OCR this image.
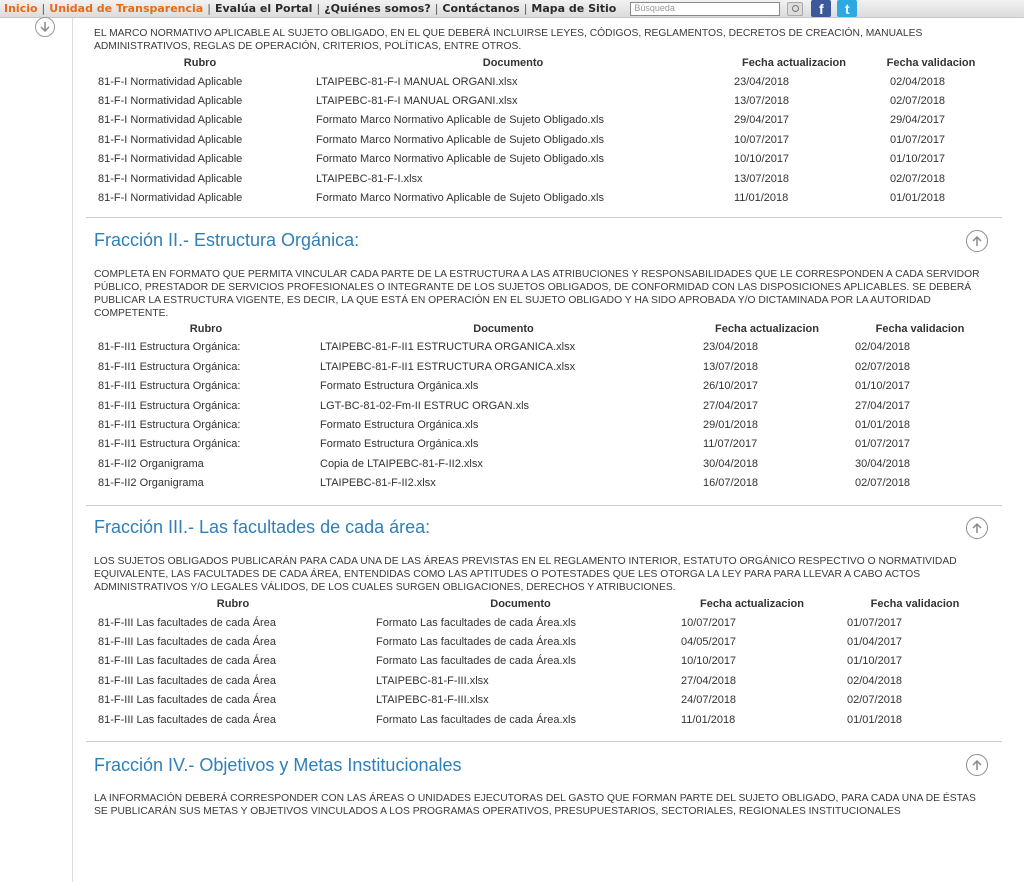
Inicio | Unidad de Transparencia | Evalúa el Portal | ¿Quiénes somos? | Contáctanos | Mapa de Sitio	Búsqueda	f	t

EL MARCO NORMATIVO APLICABLE AL SUJETO OBLIGADO, EN EL QUE DEBERÁ INCLUIRSE LEYES, CÓDIGOS, REGLAMENTOS, DECRETOS DE CREACIÓN, MANUALES ADMINISTRATIVOS, REGLAS DE OPERACIÓN, CRITERIOS, POLÍTICAS, ENTRE OTROS.

Rubro	Documento	Fecha actualizacion	Fecha validacion
81-F-I Normatividad Aplicable	LTAIPEBC-81-F-I MANUAL ORGANI.xlsx	23/04/2018	02/04/2018
81-F-I Normatividad Aplicable	LTAIPEBC-81-F-I MANUAL ORGANI.xlsx	13/07/2018	02/07/2018
81-F-I Normatividad Aplicable	Formato Marco Normativo Aplicable de Sujeto Obligado.xls	29/04/2017	29/04/2017
81-F-I Normatividad Aplicable	Formato Marco Normativo Aplicable de Sujeto Obligado.xls	10/07/2017	01/07/2017
81-F-I Normatividad Aplicable	Formato Marco Normativo Aplicable de Sujeto Obligado.xls	10/10/2017	01/10/2017
81-F-I Normatividad Aplicable	LTAIPEBC-81-F-I.xlsx	13/07/2018	02/07/2018
81-F-I Normatividad Aplicable	Formato Marco Normativo Aplicable de Sujeto Obligado.xls	11/01/2018	01/01/2018
Fracción II.- Estructura Orgánica:

COMPLETA EN FORMATO QUE PERMITA VINCULAR CADA PARTE DE LA ESTRUCTURA A LAS ATRIBUCIONES Y RESPONSABILIDADES QUE LE CORRESPONDEN A CADA SERVIDOR PÚBLICO, PRESTADOR DE SERVICIOS PROFESIONALES O INTEGRANTE DE LOS SUJETOS OBLIGADOS, DE CONFORMIDAD CON LAS DISPOSICIONES APLICABLES. SE DEBERÁ PUBLICAR LA ESTRUCTURA VIGENTE, ES DECIR, LA QUE ESTÁ EN OPERACIÓN EN EL SUJETO OBLIGADO Y HA SIDO APROBADA Y/O DICTAMINADA POR LA AUTORIDAD COMPETENTE.

Rubro	Documento	Fecha actualizacion	Fecha validacion
81-F-II1 Estructura Orgánica:	LTAIPEBC-81-F-II1 ESTRUCTURA ORGANICA.xlsx	23/04/2018	02/04/2018
81-F-II1 Estructura Orgánica:	LTAIPEBC-81-F-II1 ESTRUCTURA ORGANICA.xlsx	13/07/2018	02/07/2018
81-F-II1 Estructura Orgánica:	Formato Estructura Orgánica.xls	26/10/2017	01/10/2017
81-F-II1 Estructura Orgánica:	LGT-BC-81-02-Fm-II ESTRUC ORGAN.xls	27/04/2017	27/04/2017
81-F-II1 Estructura Orgánica:	Formato Estructura Orgánica.xls	29/01/2018	01/01/2018
81-F-II1 Estructura Orgánica:	Formato Estructura Orgánica.xls	11/07/2017	01/07/2017
81-F-II2 Organigrama	Copia de LTAIPEBC-81-F-II2.xlsx	30/04/2018	30/04/2018
81-F-II2 Organigrama	LTAIPEBC-81-F-II2.xlsx	16/07/2018	02/07/2018
Fracción III.- Las facultades de cada área:

LOS SUJETOS OBLIGADOS PUBLICARÁN PARA CADA UNA DE LAS ÁREAS PREVISTAS EN EL REGLAMENTO INTERIOR, ESTATUTO ORGÁNICO RESPECTIVO O NORMATIVIDAD EQUIVALENTE, LAS FACULTADES DE CADA ÁREA, ENTENDIDAS COMO LAS APTITUDES O POTESTADES QUE LES OTORGA LA LEY PARA PARA LLEVAR A CABO ACTOS ADMINISTRATIVOS Y/O LEGALES VÁLIDOS, DE LOS CUALES SURGEN OBLIGACIONES, DERECHOS Y ATRIBUCIONES.

Rubro	Documento	Fecha actualizacion	Fecha validacion
81-F-III Las facultades de cada Área	Formato Las facultades de cada Área.xls	10/07/2017	01/07/2017
81-F-III Las facultades de cada Área	Formato Las facultades de cada Área.xls	04/05/2017	01/04/2017
81-F-III Las facultades de cada Área	Formato Las facultades de cada Área.xls	10/10/2017	01/10/2017
81-F-III Las facultades de cada Área	LTAIPEBC-81-F-III.xlsx	27/04/2018	02/04/2018
81-F-III Las facultades de cada Área	LTAIPEBC-81-F-III.xlsx	24/07/2018	02/07/2018
81-F-III Las facultades de cada Área	Formato Las facultades de cada Área.xls	11/01/2018	01/01/2018
Fracción IV.- Objetivos y Metas Institucionales

LA INFORMACIÓN DEBERÁ CORRESPONDER CON LAS ÁREAS O UNIDADES EJECUTORAS DEL GASTO QUE FORMAN PARTE DEL SUJETO OBLIGADO, PARA CADA UNA DE ÉSTAS SE PUBLICARÁN SUS METAS Y OBJETIVOS VINCULADOS A LOS PROGRAMAS OPERATIVOS, PRESUPUESTARIOS, SECTORIALES, REGIONALES INSTITUCIONALES
